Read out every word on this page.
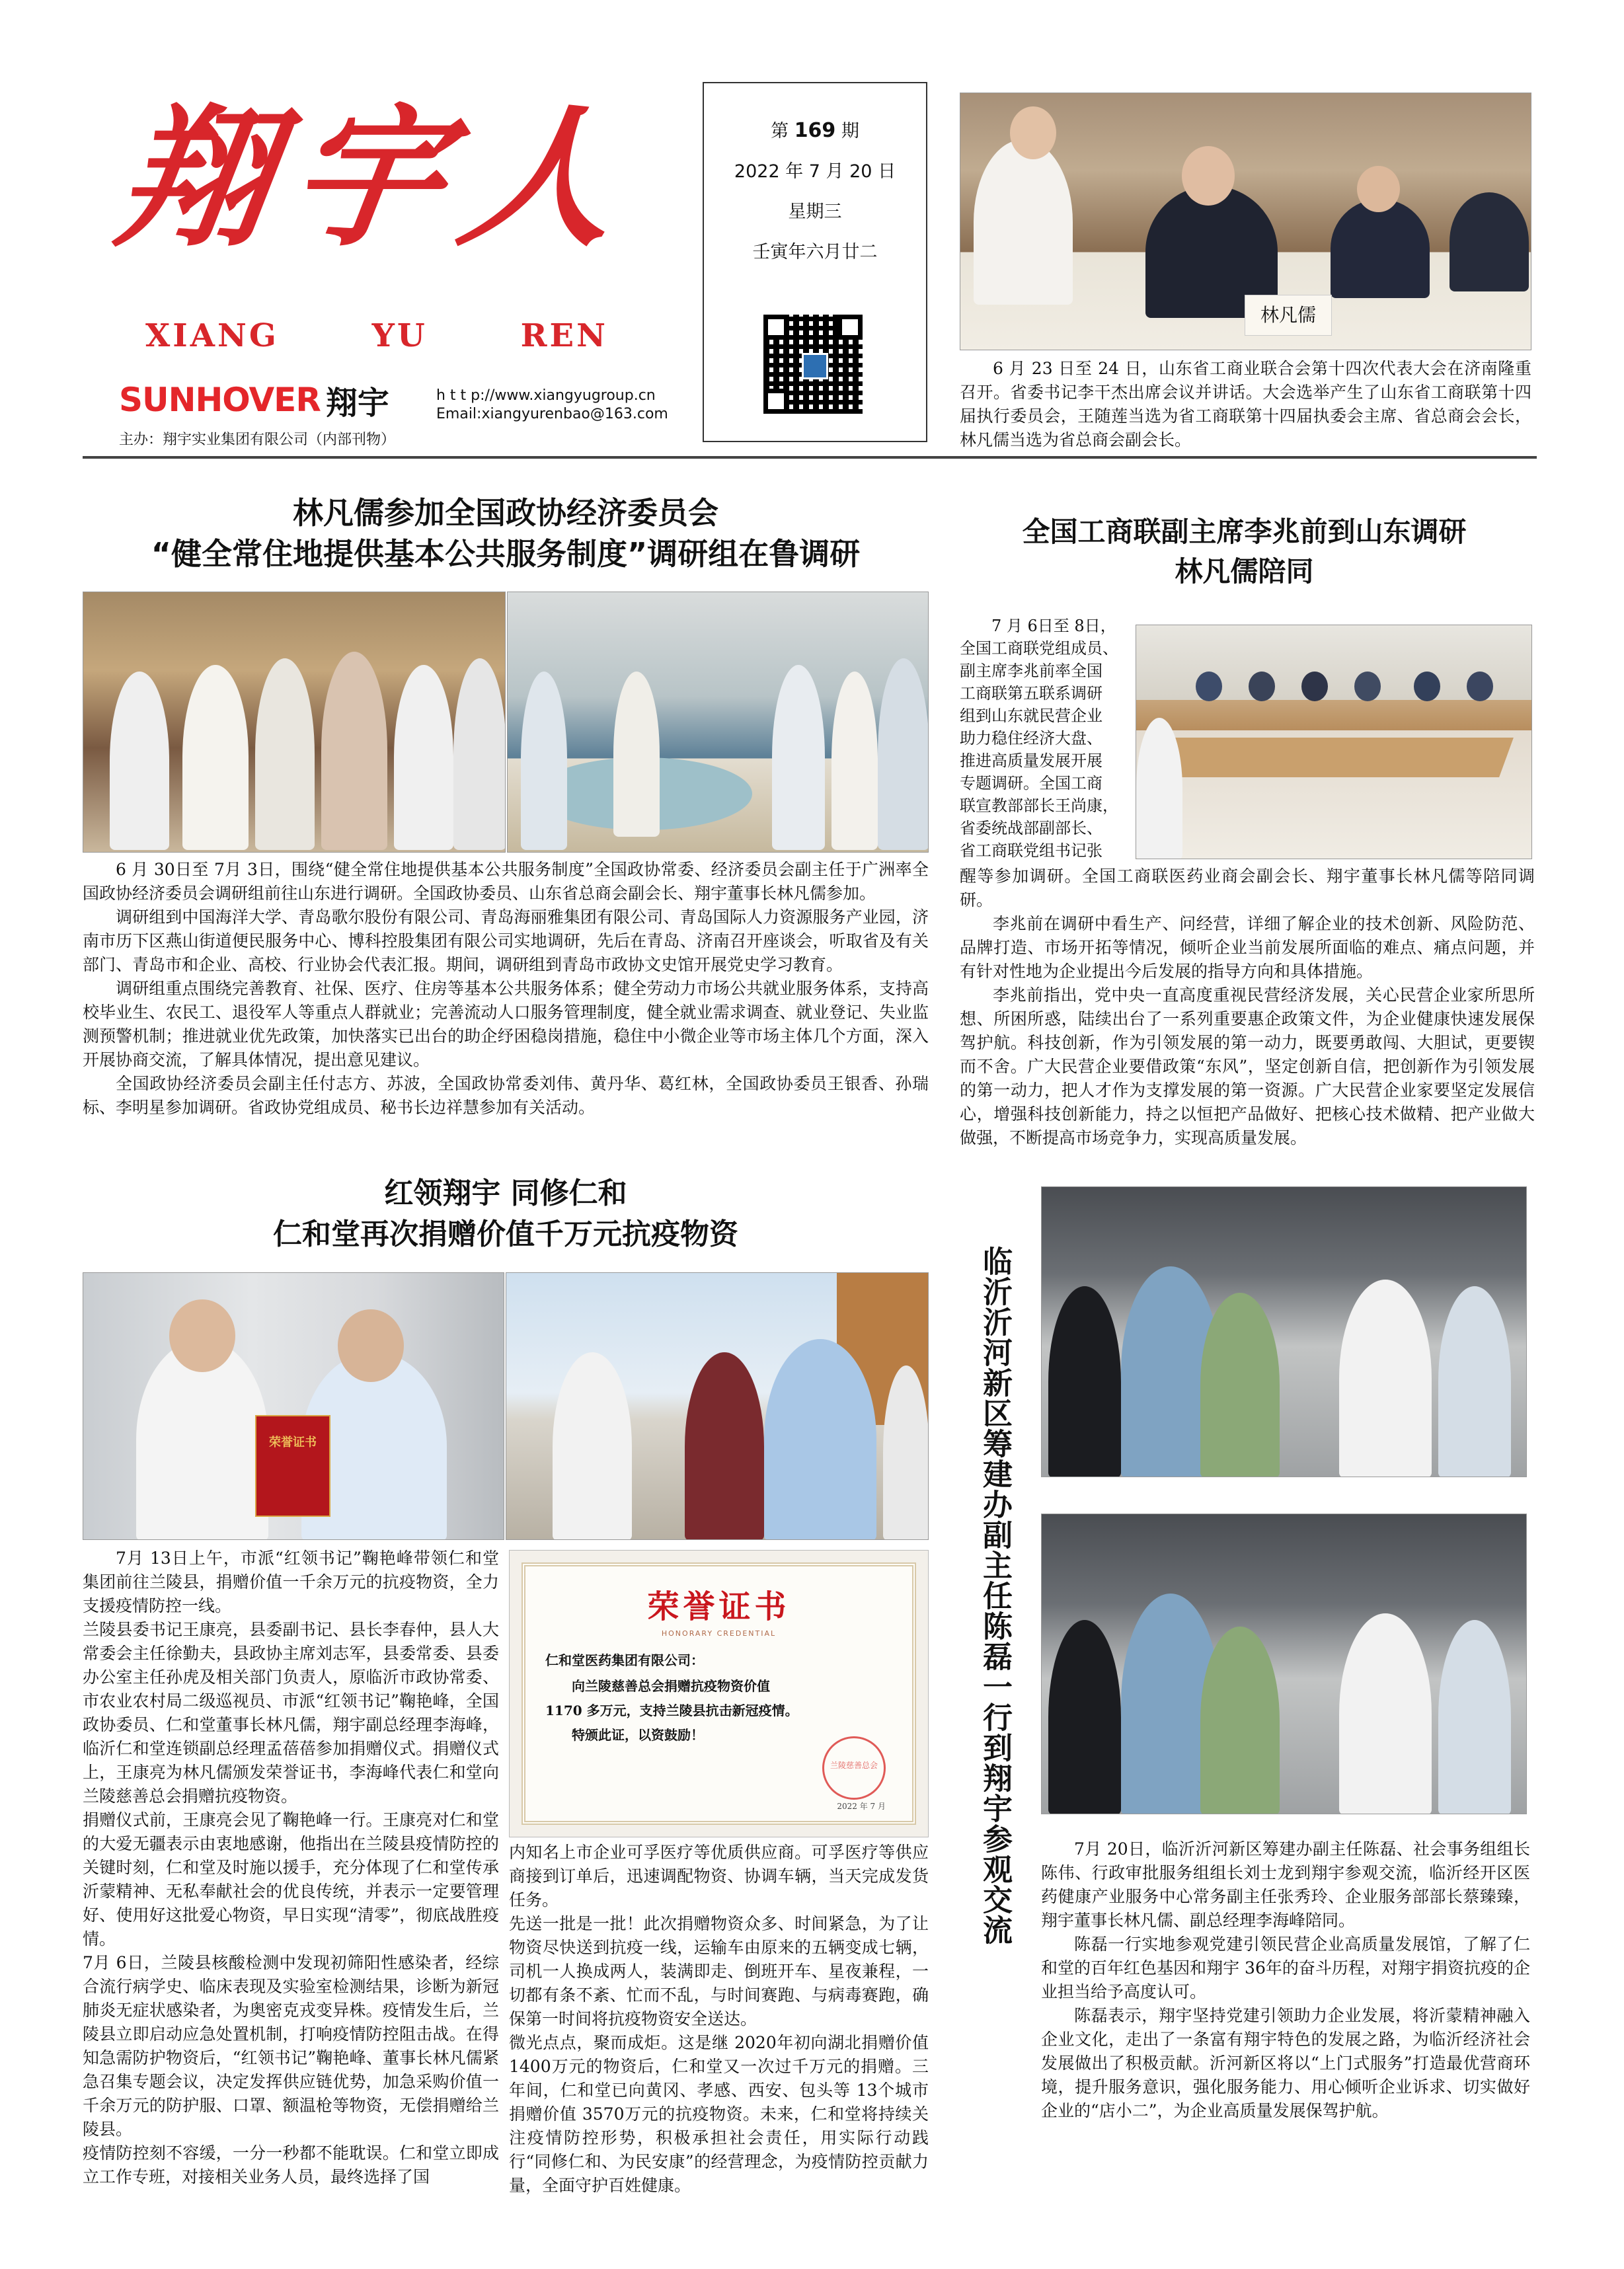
翔宇人
XIANG	YU	REN
SUNHOVER 翔宇	h t t p://www.xiangyugroup.cn
Email:xiangyurenbao@163.com
主办：翔宇实业集团有限公司（内部刊物）
第 169 期
2022 年 7 月 20 日
星期三
壬寅年六月廿二
林凡儒
6 月 23 日至 24 日，山东省工商业联合会第十四次代表大会在济南隆重召开。省委书记李干杰出席会议并讲话。大会选举产生了山东省工商联第十四届执行委员会，王随莲当选为省工商联第十四届执委会主席、省总商会会长，林凡儒当选为省总商会副会长。
林凡儒参加全国政协经济委员会
“健全常住地提供基本公共服务制度”调研组在鲁调研

6 月 30日至 7月 3日，围绕“健全常住地提供基本公共服务制度”全国政协常委、经济委员会副主任于广洲率全国政协经济委员会调研组前往山东进行调研。全国政协委员、山东省总商会副会长、翔宇董事长林凡儒参加。

调研组到中国海洋大学、青岛歌尔股份有限公司、青岛海丽雅集团有限公司、青岛国际人力资源服务产业园，济南市历下区燕山街道便民服务中心、博科控股集团有限公司实地调研，先后在青岛、济南召开座谈会，听取省及有关部门、青岛市和企业、高校、行业协会代表汇报。期间，调研组到青岛市政协文史馆开展党史学习教育。

调研组重点围绕完善教育、社保、医疗、住房等基本公共服务体系；健全劳动力市场公共就业服务体系，支持高校毕业生、农民工、退役军人等重点人群就业；完善流动人口服务管理制度，健全就业需求调查、就业登记、失业监测预警机制；推进就业优先政策，加快落实已出台的助企纾困稳岗措施，稳住中小微企业等市场主体几个方面，深入开展协商交流，了解具体情况，提出意见建议。

全国政协经济委员会副主任付志方、苏波，全国政协常委刘伟、黄丹华、葛红林，全国政协委员王银香、孙瑞标、李明星参加调研。省政协党组成员、秘书长边祥慧参加有关活动。

全国工商联副主席李兆前到山东调研
林凡儒陪同
7 月 6日至 8日，
全国工商联党组成员、
副主席李兆前率全国
工商联第五联系调研
组到山东就民营企业
助力稳住经济大盘、
推进高质量发展开展
专题调研。全国工商
联宣教部部长王尚康，
省委统战部副部长、
省工商联党组书记张

醒等参加调研。全国工商联医药业商会副会长、翔宇董事长林凡儒等陪同调研。

李兆前在调研中看生产、问经营，详细了解企业的技术创新、风险防范、品牌打造、市场开拓等情况，倾听企业当前发展所面临的难点、痛点问题，并有针对性地为企业提出今后发展的指导方向和具体措施。

李兆前指出，党中央一直高度重视民营经济发展，关心民营企业家所思所想、所困所惑，陆续出台了一系列重要惠企政策文件，为企业健康快速发展保驾护航。科技创新，作为引领发展的第一动力，既要勇敢闯、大胆试，更要锲而不舍。广大民营企业要借政策“东风”，坚定创新自信，把创新作为引领发展的第一动力，把人才作为支撑发展的第一资源。广大民营企业家要坚定发展信心，增强科技创新能力，持之以恒把产品做好、把核心技术做精、把产业做大做强，不断提高市场竞争力，实现高质量发展。

红领翔宇 同修仁和
仁和堂再次捐赠价值千万元抗疫物资
荣誉证书
荣誉证书
HONORARY CREDENTIAL
仁和堂医药集团有限公司：
向兰陵慈善总会捐赠抗疫物资价值
1170 多万元，支持兰陵县抗击新冠疫情。
特颁此证，以资鼓励！
兰陵慈善总会
2022 年 7 月

7月 13日上午，市派“红领书记”鞠艳峰带领仁和堂集团前往兰陵县，捐赠价值一千余万元的抗疫物资，全力支援疫情防控一线。

兰陵县委书记王康亮，县委副书记、县长李春仲，县人大常委会主任徐勤夫，县政协主席刘志军，县委常委、县委办公室主任孙虎及相关部门负责人，原临沂市政协常委、市农业农村局二级巡视员、市派“红领书记”鞠艳峰，全国政协委员、仁和堂董事长林凡儒，翔宇副总经理李海峰，临沂仁和堂连锁副总经理孟蓓蓓参加捐赠仪式。捐赠仪式上，王康亮为林凡儒颁发荣誉证书，李海峰代表仁和堂向兰陵慈善总会捐赠抗疫物资。

捐赠仪式前，王康亮会见了鞠艳峰一行。王康亮对仁和堂的大爱无疆表示由衷地感谢，他指出在兰陵县疫情防控的关键时刻，仁和堂及时施以援手，充分体现了仁和堂传承沂蒙精神、无私奉献社会的优良传统，并表示一定要管理好、使用好这批爱心物资，早日实现“清零”，彻底战胜疫情。

7月 6日，兰陵县核酸检测中发现初筛阳性感染者，经综合流行病学史、临床表现及实验室检测结果，诊断为新冠肺炎无症状感染者，为奥密克戎变异株。疫情发生后，兰陵县立即启动应急处置机制，打响疫情防控阻击战。在得知急需防护物资后，“红领书记”鞠艳峰、董事长林凡儒紧急召集专题会议，决定发挥供应链优势，加急采购价值一千余万元的防护服、口罩、额温枪等物资，无偿捐赠给兰陵县。

疫情防控刻不容缓，一分一秒都不能耽误。仁和堂立即成立工作专班，对接相关业务人员，最终选择了国

内知名上市企业可孚医疗等优质供应商。可孚医疗等供应商接到订单后，迅速调配物资、协调车辆，当天完成发货任务。

先送一批是一批！此次捐赠物资众多、时间紧急，为了让物资尽快送到抗疫一线，运输车由原来的五辆变成七辆，司机一人换成两人，装满即走、倒班开车、星夜兼程，一切都有条不紊、忙而不乱，与时间赛跑、与病毒赛跑，确保第一时间将抗疫物资安全送达。

微光点点，聚而成炬。这是继 2020年初向湖北捐赠价值 1400万元的物资后，仁和堂又一次过千万元的捐赠。三年间，仁和堂已向黄冈、孝感、西安、包头等 13个城市捐赠价值 3570万元的抗疫物资。未来，仁和堂将持续关注疫情防控形势，积极承担社会责任，用实际行动践行“同修仁和、为民安康”的经营理念，为疫情防控贡献力量，全面守护百姓健康。

临沂沂河新区筹建办副主任陈磊一行到翔宇参观交流	7月 20日，临沂沂河新区筹建办副主任陈磊、社会事务组组长陈伟、行政审批服务组组长刘士龙到翔宇参观交流，临沂经开区医药健康产业服务中心常务副主任张秀玲、企业服务部部长蔡臻臻，翔宇董事长林凡儒、副总经理李海峰陪同。

陈磊一行实地参观党建引领民营企业高质量发展馆，了解了仁和堂的百年红色基因和翔宇 36年的奋斗历程，对翔宇捐资抗疫的企业担当给予高度认可。

陈磊表示，翔宇坚持党建引领助力企业发展，将沂蒙精神融入企业文化，走出了一条富有翔宇特色的发展之路，为临沂经济社会发展做出了积极贡献。沂河新区将以“上门式服务”打造最优营商环境，提升服务意识，强化服务能力、用心倾听企业诉求、切实做好企业的“店小二”，为企业高质量发展保驾护航。
